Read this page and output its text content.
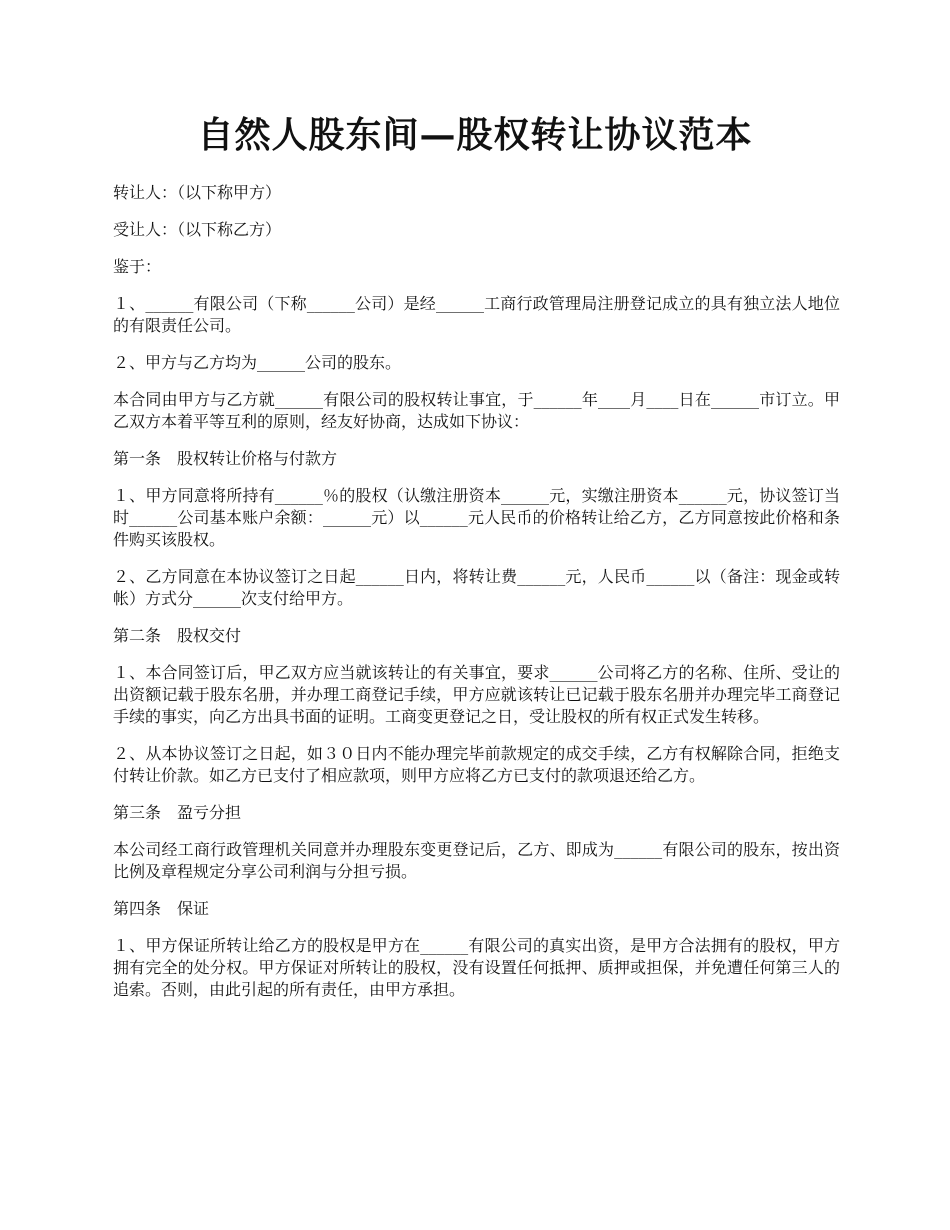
自然人股东间—股权转让协议范本

转让人：（以下称甲方）

受让人：（以下称乙方）

鉴于：

１、______有限公司（下称______公司）是经______工商行政管理局注册登记成立的具有独立法人地位的有限责任公司。

２、甲方与乙方均为______公司的股东。

本合同由甲方与乙方就______有限公司的股权转让事宜，于______年____月____日在______市订立。甲乙双方本着平等互利的原则，经友好协商，达成如下协议：

第一条　股权转让价格与付款方

１、甲方同意将所持有______％的股权（认缴注册资本______元，实缴注册资本______元，协议签订当时______公司基本账户余额：______元）以______元人民币的价格转让给乙方，乙方同意按此价格和条件购买该股权。

２、乙方同意在本协议签订之日起______日内，将转让费______元，人民币______以（备注：现金或转帐）方式分______次支付给甲方。

第二条　股权交付

１、本合同签订后，甲乙双方应当就该转让的有关事宜，要求______公司将乙方的名称、住所、受让的出资额记载于股东名册，并办理工商登记手续，甲方应就该转让已记载于股东名册并办理完毕工商登记手续的事实，向乙方出具书面的证明。工商变更登记之日，受让股权的所有权正式发生转移。

２、从本协议签订之日起，如３０日内不能办理完毕前款规定的成交手续，乙方有权解除合同，拒绝支付转让价款。如乙方已支付了相应款项，则甲方应将乙方已支付的款项退还给乙方。

第三条　盈亏分担

本公司经工商行政管理机关同意并办理股东变更登记后，乙方、即成为______有限公司的股东，按出资比例及章程规定分享公司利润与分担亏损。

第四条　保证

１、甲方保证所转让给乙方的股权是甲方在______有限公司的真实出资，是甲方合法拥有的股权，甲方拥有完全的处分权。甲方保证对所转让的股权，没有设置任何抵押、质押或担保，并免遭任何第三人的追索。否则，由此引起的所有责任，由甲方承担。
